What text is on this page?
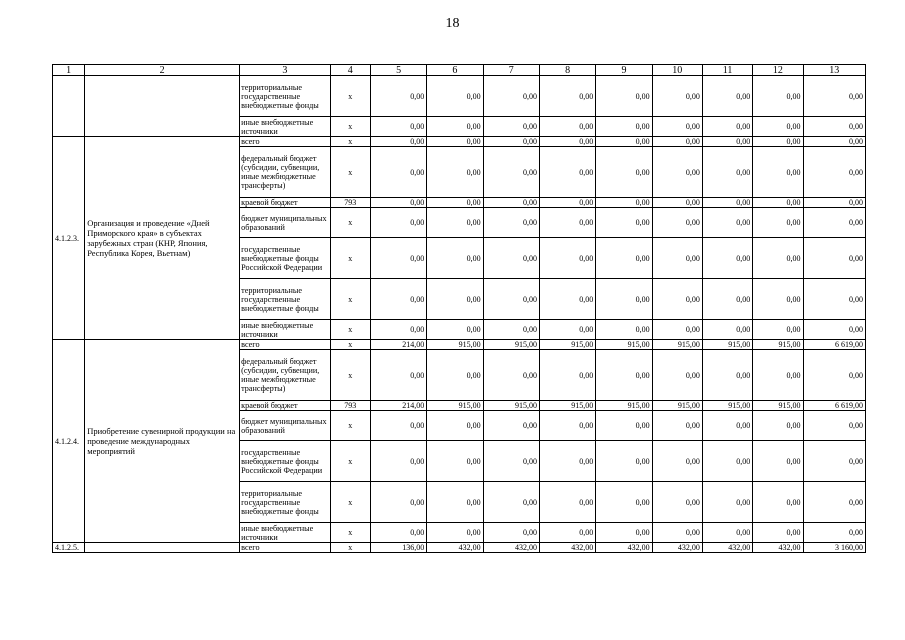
18
1	2	3	4	5	6	7	8	9	10	11	12	13
		территориальные государственные внебюджетные фонды	х	0,00	0,00	0,00	0,00	0,00	0,00	0,00	0,00	0,00
		иные внебюджетные источники	х	0,00	0,00	0,00	0,00	0,00	0,00	0,00	0,00	0,00
4.1.2.3.	Организация и проведение «Дней Приморского края» в субъектах зарубежных стран (КНР, Япония, Республика Корея, Вьетнам)	всего	х	0,00	0,00	0,00	0,00	0,00	0,00	0,00	0,00	0,00
		федеральный бюджет (субсидии, субвенции, иные межбюджетные трансферты)	х	0,00	0,00	0,00	0,00	0,00	0,00	0,00	0,00	0,00
		краевой бюджет	793	0,00	0,00	0,00	0,00	0,00	0,00	0,00	0,00	0,00
		бюджет муниципальных образований	х	0,00	0,00	0,00	0,00	0,00	0,00	0,00	0,00	0,00
		государственные внебюджетные фонды Российской Федерации	х	0,00	0,00	0,00	0,00	0,00	0,00	0,00	0,00	0,00
		территориальные государственные внебюджетные фонды	х	0,00	0,00	0,00	0,00	0,00	0,00	0,00	0,00	0,00
		иные внебюджетные источники	х	0,00	0,00	0,00	0,00	0,00	0,00	0,00	0,00	0,00
4.1.2.4.	Приобретение сувенирной продукции на проведение международных мероприятий	всего	х	214,00	915,00	915,00	915,00	915,00	915,00	915,00	915,00	6 619,00
		федеральный бюджет (субсидии, субвенции, иные межбюджетные трансферты)	х	0,00	0,00	0,00	0,00	0,00	0,00	0,00	0,00	0,00
		краевой бюджет	793	214,00	915,00	915,00	915,00	915,00	915,00	915,00	915,00	6 619,00
		бюджет муниципальных образований	х	0,00	0,00	0,00	0,00	0,00	0,00	0,00	0,00	0,00
		государственные внебюджетные фонды Российской Федерации	х	0,00	0,00	0,00	0,00	0,00	0,00	0,00	0,00	0,00
		территориальные государственные внебюджетные фонды	х	0,00	0,00	0,00	0,00	0,00	0,00	0,00	0,00	0,00
		иные внебюджетные источники	х	0,00	0,00	0,00	0,00	0,00	0,00	0,00	0,00	0,00
4.1.2.5.		всего	х	136,00	432,00	432,00	432,00	432,00	432,00	432,00	432,00	3 160,00
